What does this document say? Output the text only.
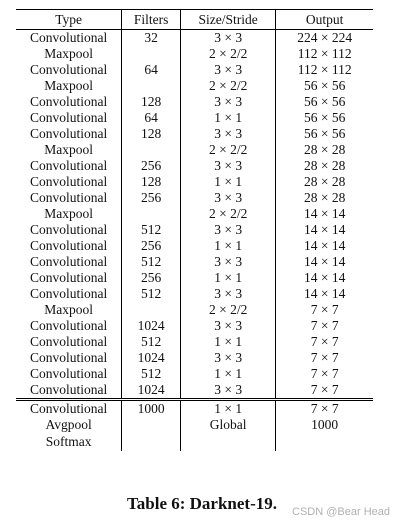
Type	Filters	Size/Stride	Output
Convolutional	32	3 × 3	224 × 224
Maxpool		2 × 2/2	112 × 112
Convolutional	64	3 × 3	112 × 112
Maxpool		2 × 2/2	56 × 56
Convolutional	128	3 × 3	56 × 56
Convolutional	64	1 × 1	56 × 56
Convolutional	128	3 × 3	56 × 56
Maxpool		2 × 2/2	28 × 28
Convolutional	256	3 × 3	28 × 28
Convolutional	128	1 × 1	28 × 28
Convolutional	256	3 × 3	28 × 28
Maxpool		2 × 2/2	14 × 14
Convolutional	512	3 × 3	14 × 14
Convolutional	256	1 × 1	14 × 14
Convolutional	512	3 × 3	14 × 14
Convolutional	256	1 × 1	14 × 14
Convolutional	512	3 × 3	14 × 14
Maxpool		2 × 2/2	7 × 7
Convolutional	1024	3 × 3	7 × 7
Convolutional	512	1 × 1	7 × 7
Convolutional	1024	3 × 3	7 × 7
Convolutional	512	1 × 1	7 × 7
Convolutional	1024	3 × 3	7 × 7
Convolutional	1000	1 × 1	7 × 7
Avgpool		Global	1000
Softmax			
Table 6: Darknet-19.	CSDN @Bear Head
